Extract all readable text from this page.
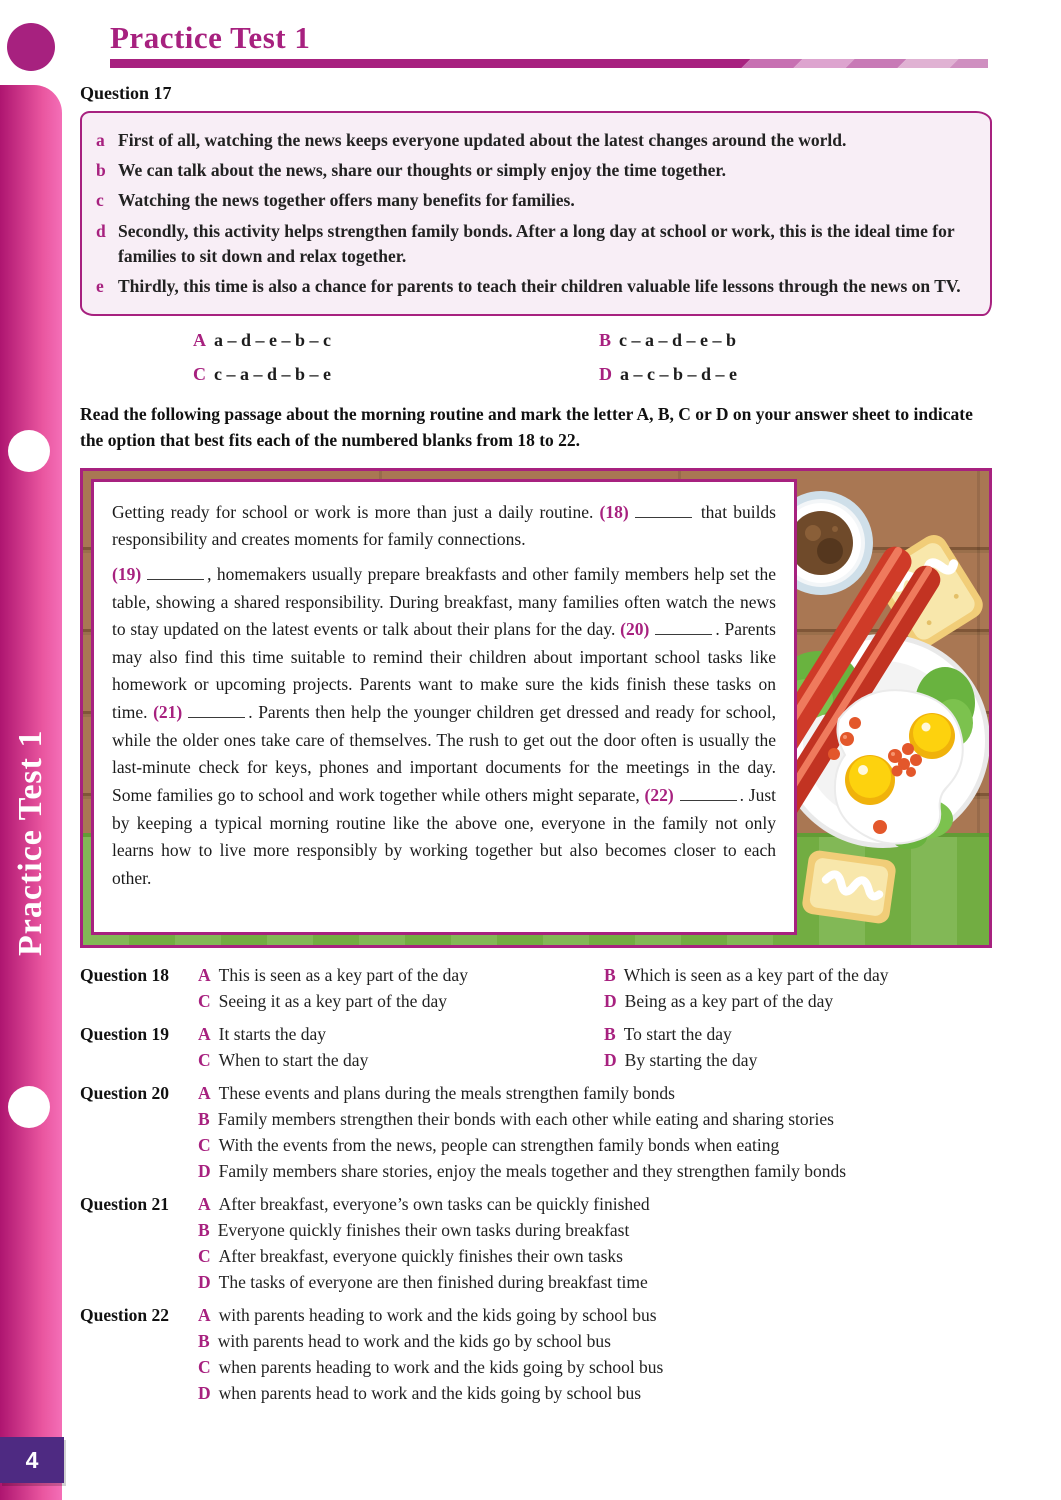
Practice Test 1
4
Practice Test 1
Question 17
a First of all, watching the news keeps everyone updated about the latest changes around the world.
b We can talk about the news, share our thoughts or simply enjoy the time together.
c Watching the news together offers many benefits for families.
d Secondly, this activity helps strengthen family bonds. After a long day at school or work, this is the ideal time for families to sit down and relax together.
e Thirdly, this time is also a chance for parents to teach their children valuable life lessons through the news on TV.
A a – d – e – b – c	B c – a – d – e – b
C c – a – d – b – e	D a – c – b – d – e
Read the following passage about the morning routine and mark the letter A, B, C or D on your answer sheet to indicate the option that best fits each of the numbered blanks from 18 to 22.

Getting ready for school or work is more than just a daily routine. (18)	that builds responsibility and creates moments for family connections.

(19)	, homemakers usually prepare breakfasts and other family members help set the table, showing a shared responsibility. During breakfast, many families often watch the news to stay updated on the latest events or talk about their plans for the day. (20)	. Parents may also find this time suitable to remind their children about important school tasks like homework or upcoming projects. Parents want to make sure the kids finish these tasks on time. (21)	. Parents then help the younger children get dressed and ready for school, while the older ones take care of themselves. The rush to get out the door often is usually the last-minute check for keys, phones and important documents for the meetings in the day. Some families go to school and work together while others might separate, (22)	. Just by keeping a typical morning routine like the above one, everyone in the family not only learns how to live more responsibly by working together but also becomes closer to each other.

Question 18	A This is seen as a key part of the day	B Which is seen as a key part of the day
C Seeing it as a key part of the day	D Being as a key part of the day
Question 19	A It starts the day	B To start the day
C When to start the day	D By starting the day
Question 20	A These events and plans during the meals strengthen family bonds
B Family members strengthen their bonds with each other while eating and sharing stories
C With the events from the news, people can strengthen family bonds when eating
D Family members share stories, enjoy the meals together and they strengthen family bonds
Question 21	A After breakfast, everyone’s own tasks can be quickly finished
B Everyone quickly finishes their own tasks during breakfast
C After breakfast, everyone quickly finishes their own tasks
D The tasks of everyone are then finished during breakfast time
Question 22	A with parents heading to work and the kids going by school bus
B with parents head to work and the kids go by school bus
C when parents heading to work and the kids going by school bus
D when parents head to work and the kids going by school bus
